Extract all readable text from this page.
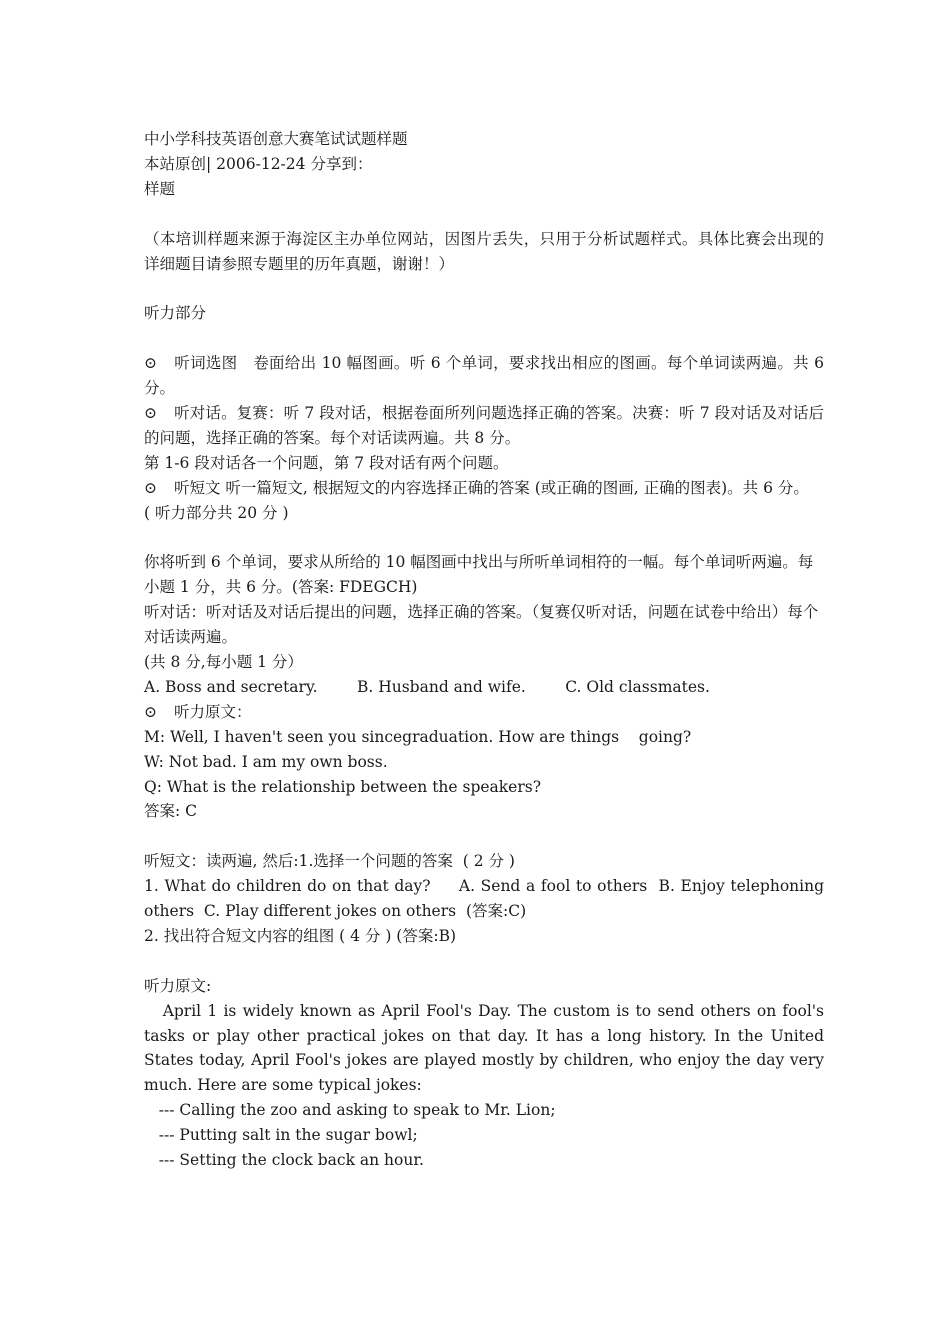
中小学科技英语创意大赛笔试试题样题
本站原创| 2006-12-24 分享到：
样题
（本培训样题来源于海淀区主办单位网站，因图片丢失，只用于分析试题样式。具体比赛会出现的详细题目请参照专题里的历年真题，谢谢！）
听力部分
⊙ 听词选图　卷面给出 10 幅图画。听 6 个单词，要求找出相应的图画。每个单词读两遍。共 6 分。
⊙ 听对话。复赛：听 7 段对话，根据卷面所列问题选择正确的答案。决赛：听 7 段对话及对话后的问题，选择正确的答案。每个对话读两遍。共 8 分。
第 1-6 段对话各一个问题，第 7 段对话有两个问题。
⊙ 听短文 听一篇短文, 根据短文的内容选择正确的答案 (或正确的图画, 正确的图表)。共 6 分。
( 听力部分共 20 分 )
你将听到 6 个单词，要求从所给的 10 幅图画中找出与所听单词相符的一幅。每个单词听两遍。每小题 1 分，共 6 分。(答案: FDEGCH)
听对话：听对话及对话后提出的问题，选择正确的答案。（复赛仅听对话，问题在试卷中给出）每个对话读两遍。
(共 8 分,每小题 1 分）
A. Boss and secretary.        B. Husband and wife.        C. Old classmates.
⊙ 听力原文：
M: Well, I haven't seen you sincegraduation. How are things    going?
W: Not bad. I am my own boss.
Q: What is the relationship between the speakers?
答案: C
听短文：读两遍, 然后:1.选择一个问题的答案  ( 2 分 )
1. What do children do on that day?     A. Send a fool to others  B. Enjoy telephoning  others  C. Play different jokes on others  (答案:C)
2. 找出符合短文内容的组图 ( 4 分 ) (答案:B)
听力原文:
April 1 is widely known as April Fool's Day. The custom is to send others on fool's tasks or play other practical jokes on that day. It has a long history. In the United States today, April Fool's jokes are played mostly by children, who enjoy the day very much. Here are some typical jokes:
--- Calling the zoo and asking to speak to Mr. Lion;
--- Putting salt in the sugar bowl;
--- Setting the clock back an hour.
